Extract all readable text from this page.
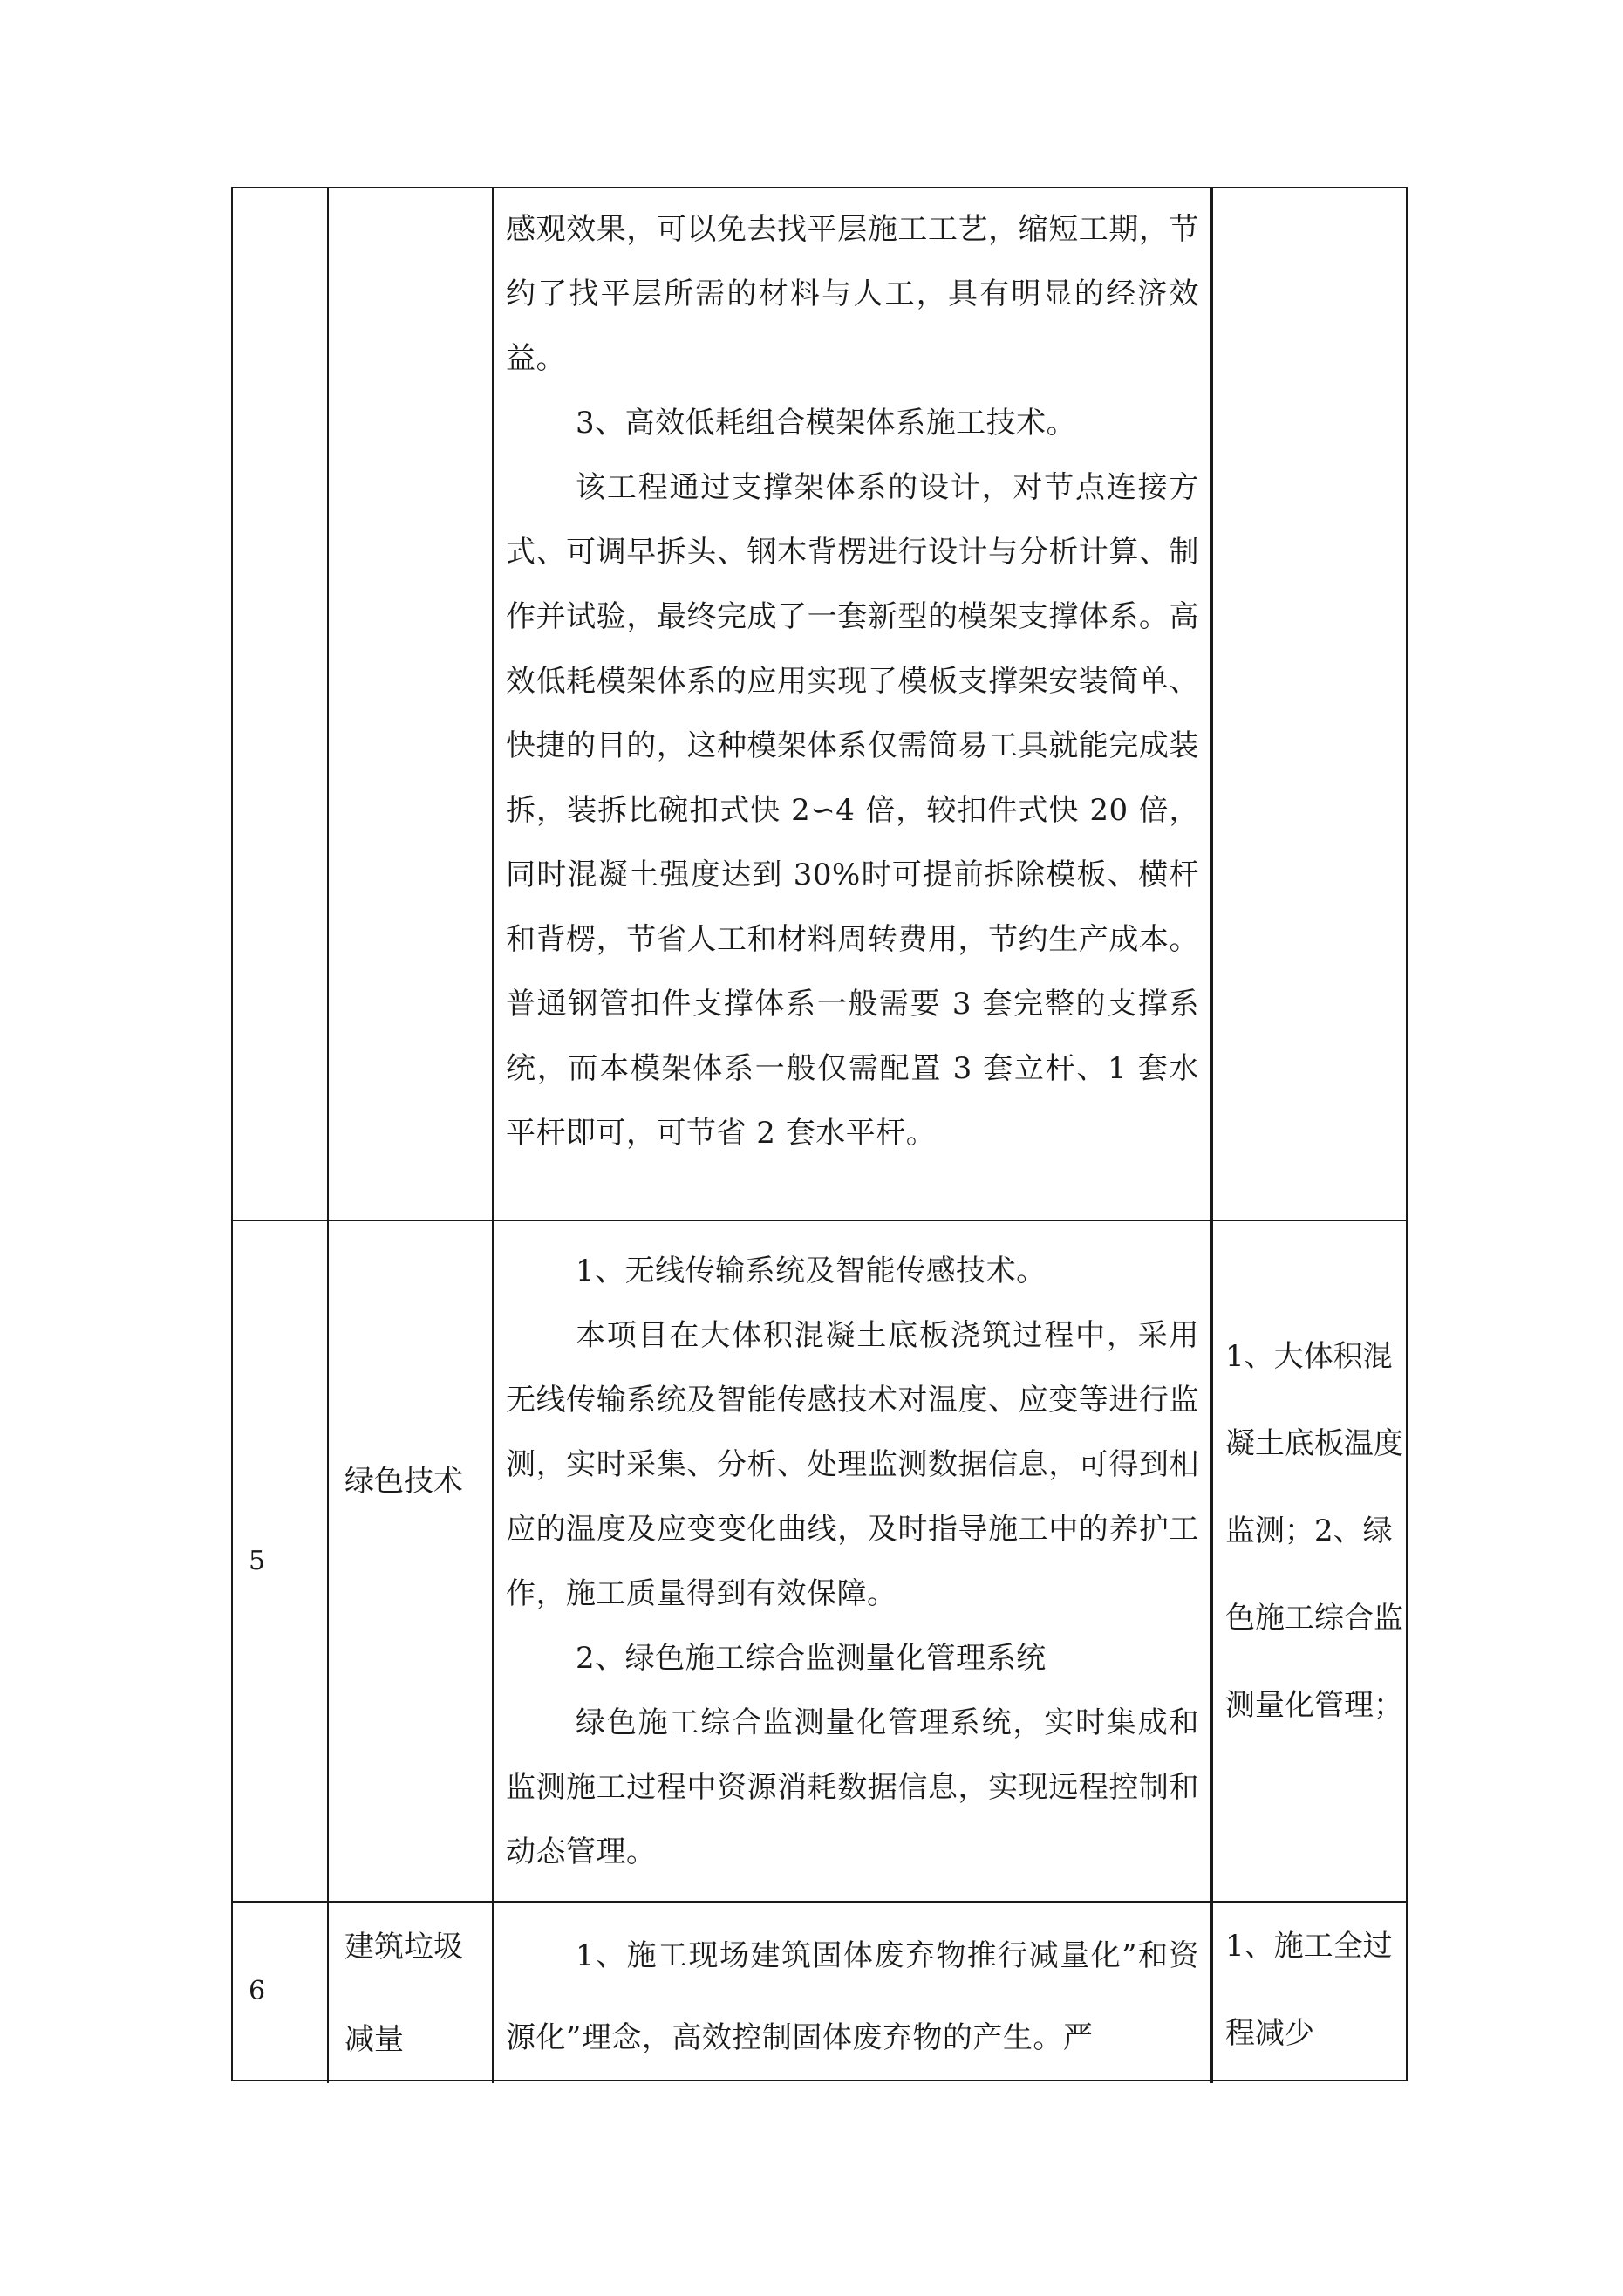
感观效果，可以免去找平层施工工艺，缩短工期，节约了找平层所需的材料与人工，具有明显的经济效益。

3、高效低耗组合模架体系施工技术。

该工程通过支撑架体系的设计，对节点连接方式、可调早拆头、钢木背楞进行设计与分析计算、制作并试验，最终完成了一套新型的模架支撑体系。高效低耗模架体系的应用实现了模板支撑架安装简单、快捷的目的，这种模架体系仅需简易工具就能完成装拆，装拆比碗扣式快 2∽4 倍，较扣件式快 20 倍，同时混凝土强度达到 30%时可提前拆除模板、横杆和背楞，节省人工和材料周转费用，节约生产成本。普通钢管扣件支撑体系一般需要 3 套完整的支撑系统，而本模架体系一般仅需配置 3 套立杆、1 套水平杆即可，可节省 2 套水平杆。

5

绿色技术

1、无线传输系统及智能传感技术。

本项目在大体积混凝土底板浇筑过程中，采用无线传输系统及智能传感技术对温度、应变等进行监测，实时采集、分析、处理监测数据信息，可得到相应的温度及应变变化曲线，及时指导施工中的养护工作，施工质量得到有效保障。

2、绿色施工综合监测量化管理系统

绿色施工综合监测量化管理系统，实时集成和监测施工过程中资源消耗数据信息，实现远程控制和动态管理。

1、大体积混凝土底板温度监测；2、绿色施工综合监测量化管理；

6

建筑垃圾减量

1、施工现场建筑固体废弃物推行减量化”和资源化”理念，高效控制固体废弃物的产生。严

1、施工全过程减少
